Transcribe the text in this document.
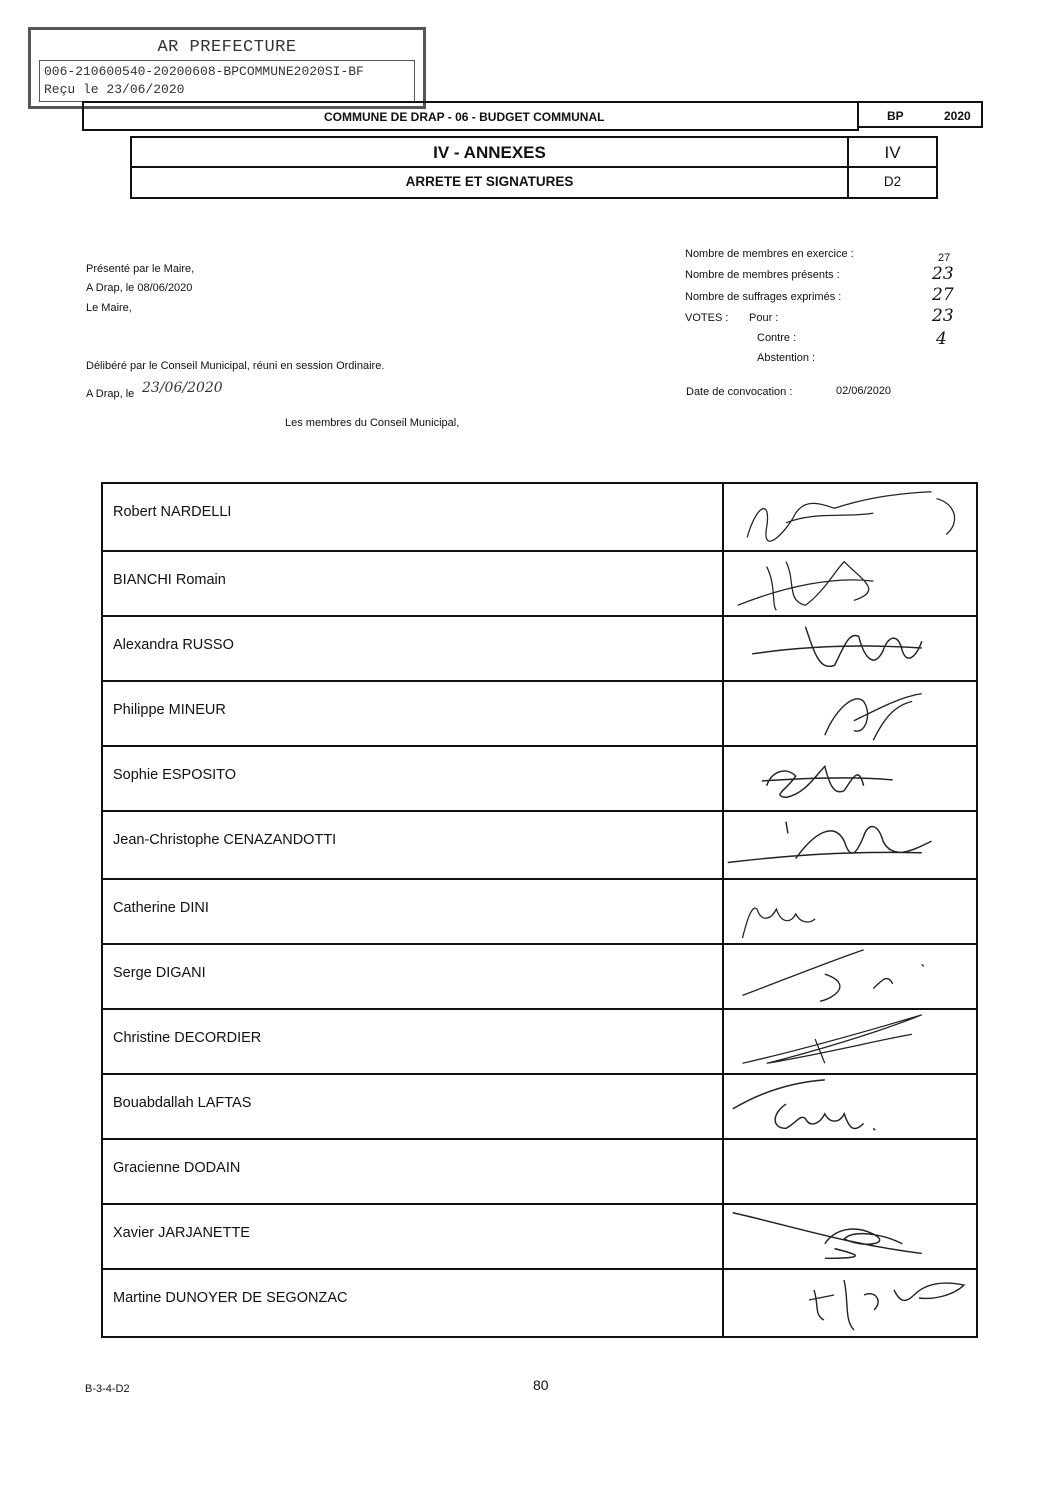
AR PREFECTURE
006-210600540-20200608-BPCOMMUNE2020SI-BF
Reçu le 23/06/2020
COMMUNE DE DRAP - 06 - BUDGET COMMUNAL	BP	2020
IV - ANNEXES	IV
ARRETE ET SIGNATURES	D2
Présenté par le Maire,
A Drap, le 08/06/2020
Le Maire,
Délibéré par le Conseil Municipal, réuni en session Ordinaire.
A Drap, le 23/06/2020
Les membres du Conseil Municipal,
Nombre de membres en exercice :	27
Nombre de membres présents :	23
Nombre de suffrages exprimés :	27
VOTES : Pour :	23
Contre :	4
Abstention :
Date de convocation :	02/06/2020
Robert NARDELLI
BIANCHI Romain
Alexandra RUSSO
Philippe MINEUR
Sophie ESPOSITO
Jean-Christophe CENAZANDOTTI
Catherine DINI
Serge DIGANI
Christine DECORDIER
Bouabdallah LAFTAS
Gracienne DODAIN
Xavier JARJANETTE
Martine DUNOYER DE SEGONZAC
B-3-4-D2	80
